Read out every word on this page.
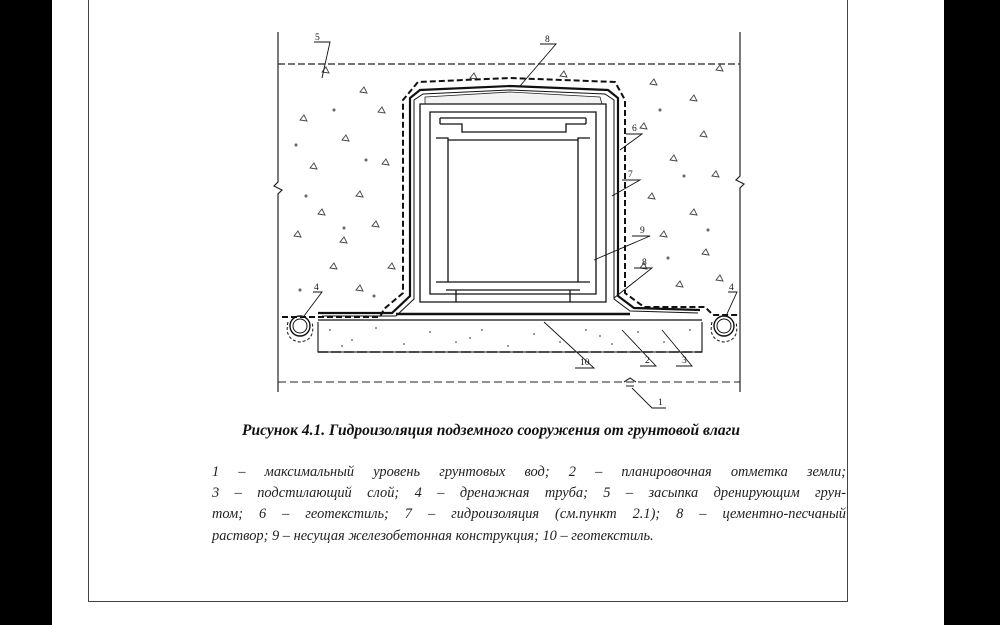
5	8
6
7
9
8
4	4
10	2	3
1
Рисунок 4.1. Гидроизоляция подземного сооружения от грунтовой влаги
1 – максимальный уровень грунтовых вод; 2 – планировочная отметка земли;
3 – подстилающий слой; 4 – дренажная труба; 5 – засыпка дренирующим грун-
том; 6 – геотекстиль; 7 – гидроизоляция (см.пункт 2.1); 8 – цементно-песчаный
раствор; 9 – несущая железобетонная конструкция; 10 – геотекстиль.
